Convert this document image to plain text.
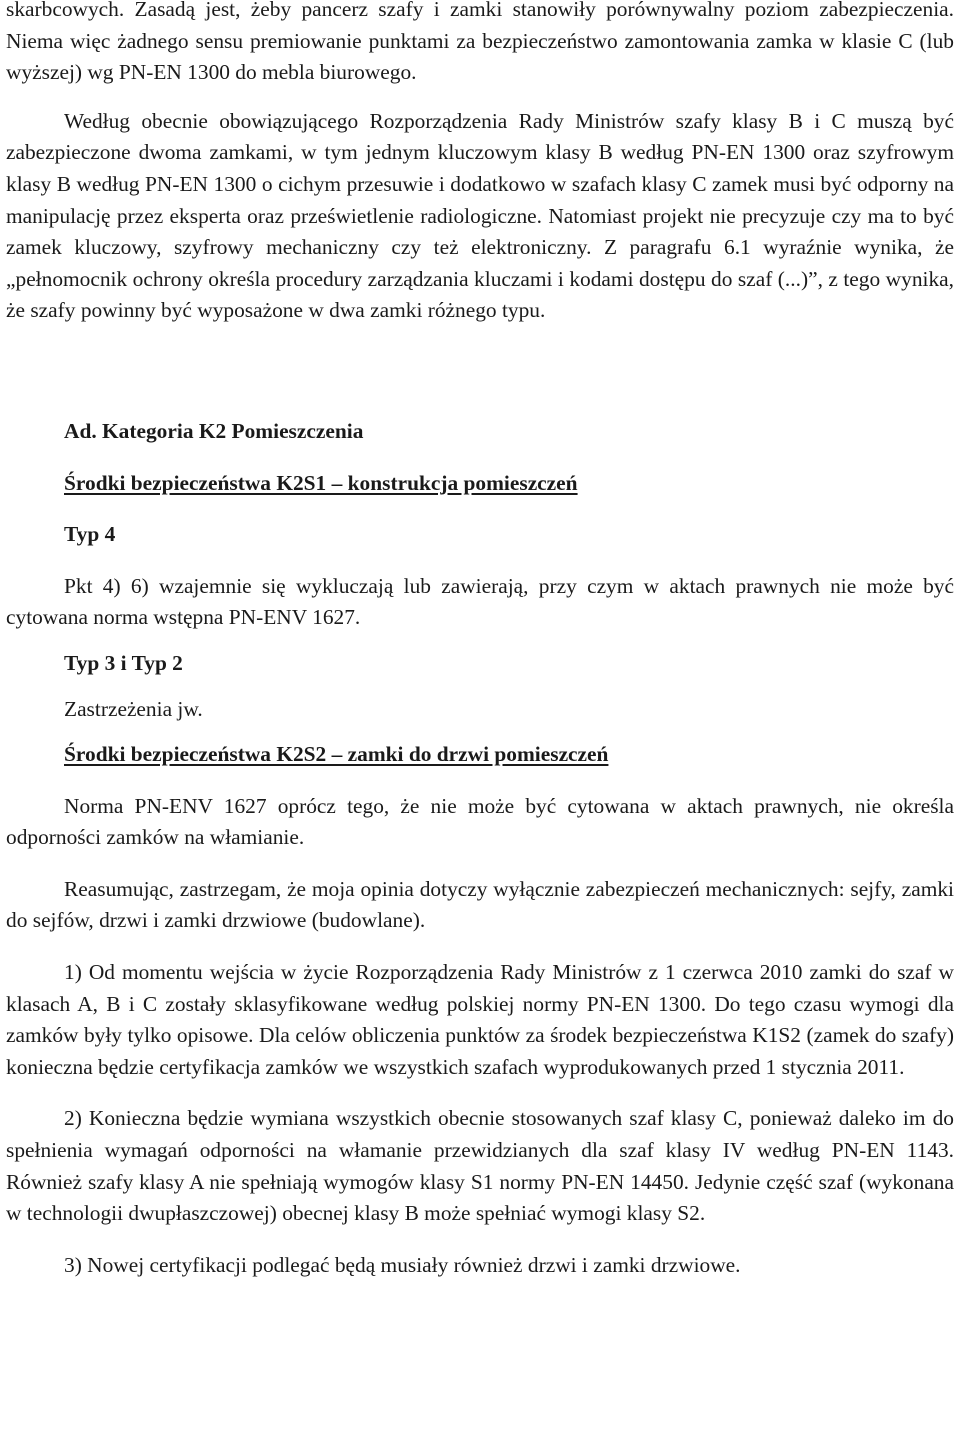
skarbcowych. Zasadą jest, żeby pancerz szafy i zamki stanowiły porównywalny poziom zabezpieczenia. Niema więc żadnego sensu premiowanie punktami za bezpieczeństwo zamontowania zamka w klasie C (lub wyższej) wg PN-EN 1300 do mebla biurowego.

Według obecnie obowiązującego Rozporządzenia Rady Ministrów szafy klasy B i C muszą być zabezpieczone dwoma zamkami, w tym jednym kluczowym klasy B według PN-EN 1300 oraz szyfrowym klasy B według PN-EN 1300 o cichym przesuwie i dodatkowo w szafach klasy C zamek musi być odporny na manipulację przez eksperta oraz prześwietlenie radiologiczne. Natomiast projekt nie precyzuje czy ma to być zamek kluczowy, szyfrowy mechaniczny czy też elektroniczny. Z paragrafu 6.1 wyraźnie wynika, że „pełnomocnik ochrony określa procedury zarządzania kluczami i kodami dostępu do szaf (...)”, z tego wynika, że szafy powinny być wyposażone w dwa zamki różnego typu.

Ad. Kategoria K2 Pomieszczenia

Środki bezpieczeństwa K2S1 – konstrukcja pomieszczeń

Typ 4

Pkt 4) 6) wzajemnie się wykluczają lub zawierają, przy czym w aktach prawnych nie może być cytowana norma wstępna PN-ENV 1627.

Typ 3 i Typ 2

Zastrzeżenia jw.

Środki bezpieczeństwa K2S2 – zamki do drzwi pomieszczeń

Norma PN-ENV 1627 oprócz tego, że nie może być cytowana w aktach prawnych, nie określa odporności zamków na włamianie.

Reasumując, zastrzegam, że moja opinia dotyczy wyłącznie zabezpieczeń mechanicznych: sejfy, zamki do sejfów, drzwi i zamki drzwiowe (budowlane).

1) Od momentu wejścia w życie Rozporządzenia Rady Ministrów z 1 czerwca 2010 zamki do szaf w klasach A, B i C zostały sklasyfikowane według polskiej normy PN-EN 1300. Do tego czasu wymogi dla zamków były tylko opisowe. Dla celów obliczenia punktów za środek bezpieczeństwa K1S2 (zamek do szafy) konieczna będzie certyfikacja zamków we wszystkich szafach wyprodukowanych przed 1 stycznia 2011.

2) Konieczna będzie wymiana wszystkich obecnie stosowanych szaf klasy C, ponieważ daleko im do spełnienia wymagań odporności na włamanie przewidzianych dla szaf klasy IV według PN-EN 1143. Również szafy klasy A nie spełniają wymogów klasy S1 normy PN-EN 14450. Jedynie część szaf (wykonana w technologii dwupłaszczowej) obecnej klasy B może spełniać wymogi klasy S2.

3) Nowej certyfikacji podlegać będą musiały również drzwi i zamki drzwiowe.
